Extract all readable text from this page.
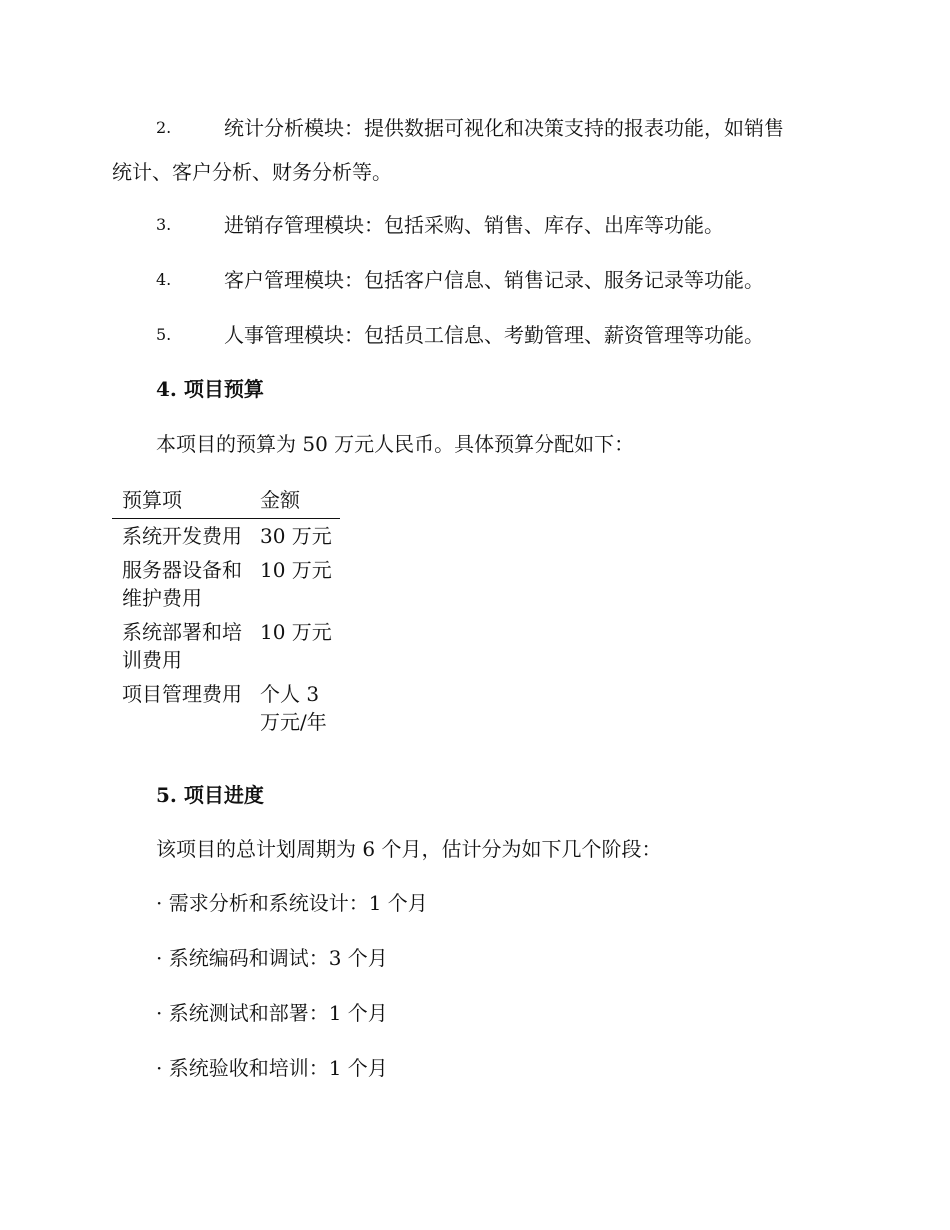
2.	统计分析模块：提供数据可视化和决策支持的报表功能，如销售
统计、客户分析、财务分析等。
3.	进销存管理模块：包括采购、销售、库存、出库等功能。
4.	客户管理模块：包括客户信息、销售记录、服务记录等功能。
5.	人事管理模块：包括员工信息、考勤管理、薪资管理等功能。
4. 项目预算
本项目的预算为 50 万元人民币。具体预算分配如下：
预算项	金额
系统开发费用	30 万元
服务器设备和维护费用	10 万元
系统部署和培训费用	10 万元
项目管理费用	个人 3 万元/年
5. 项目进度
该项目的总计划周期为 6 个月，估计分为如下几个阶段：
· 需求分析和系统设计：1 个月
· 系统编码和调试：3 个月
· 系统测试和部署：1 个月
· 系统验收和培训：1 个月
